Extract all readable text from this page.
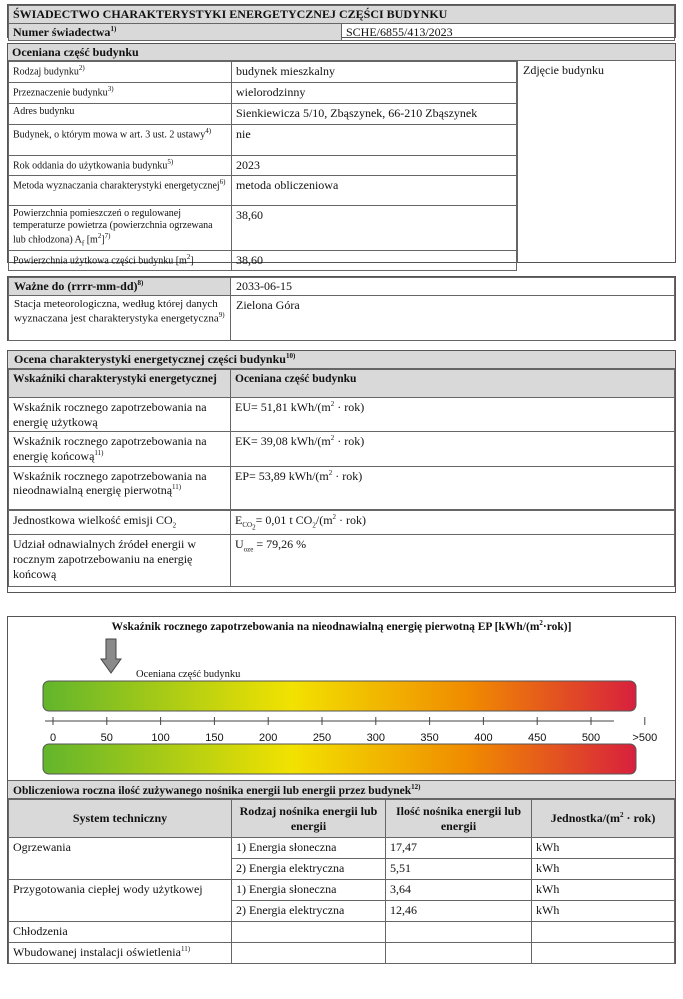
ŚWIADECTWO CHARAKTERYSTYKI ENERGETYCZNEJ CZĘŚCI BUDYNKU
Numer świadectwa$^{1)}$	SCHE/6855/413/2023
Oceniana część budynku
Rodzaj budynku$^{2)}$	budynek mieszkalny
Przeznaczenie budynku$^{3)}$	wielorodzinny
Adres budynku	Sienkiewicza 5/10, Zbąszynek, 66-210 Zbąszynek
Budynek, o którym mowa w art. 3 ust. 2 ustawy$^{4)}$	nie
Rok oddania do użytkowania budynku$^{5)}$	2023
Metoda wyznaczania charakterystyki energetycznej$^{6)}$	metoda obliczeniowa
Powierzchnia pomieszczeń o regulowanej temperaturze powietrza (powierzchnia ogrzewana lub chłodzona) $A_f$ $[m^2]^{7)}$	38,60
Powierzchnia użytkowa części budynku $[m^2]$	38,60
Zdjęcie budynku
Ważne do (rrrr-mm-dd)$^{8)}$	2033-06-15
Stacja meteorologiczna, według której danych wyznaczana jest charakterystyka energetyczna$^{9)}$	Zielona Góra
Ocena charakterystyki energetycznej części budynku$^{10)}$
Wskaźniki charakterystyki energetycznej	Oceniana część budynku
Wskaźnik rocznego zapotrzebowania na energię użytkową	EU= 51,81 kWh/$(m^2 \cdot rok)$
Wskaźnik rocznego zapotrzebowania na energię końcową$^{11)}$	EK= 39,08 kWh/$(m^2 \cdot rok)$
Wskaźnik rocznego zapotrzebowania na nieodnawialną energię pierwotną$^{11)}$	EP= 53,89 kWh/$(m^2 \cdot rok)$
Jednostkowa wielkość emisji $CO_2$	$E_{CO_2}= 0,01$ t $CO_2/(m^2 \cdot rok)$
Udział odnawialnych źródeł energii w rocznym zapotrzebowaniu na energię końcową	$U_{oze} = 79,26$ %
Wskaźnik rocznego zapotrzebowania na nieodnawialną energię pierwotną EP $[kWh/(m^2\cdot rok)]$
Oceniana część budynku
0	50	100	150	200	250	300	350	400	450	500	>500
Obliczeniowa roczna ilość zużywanego nośnika energii lub energii przez budynek$^{12)}$
System techniczny	Rodzaj nośnika energii lub energii	Ilość nośnika energii lub energii	Jednostka/$(m^2 \cdot rok)$
Ogrzewania	1) Energia słoneczna	17,47	kWh
	2) Energia elektryczna	5,51	kWh
Przygotowania ciepłej wody użytkowej	1) Energia słoneczna	3,64	kWh
	2) Energia elektryczna	12,46	kWh
Chłodzenia			
Wbudowanej instalacji oświetlenia$^{11)}$			
